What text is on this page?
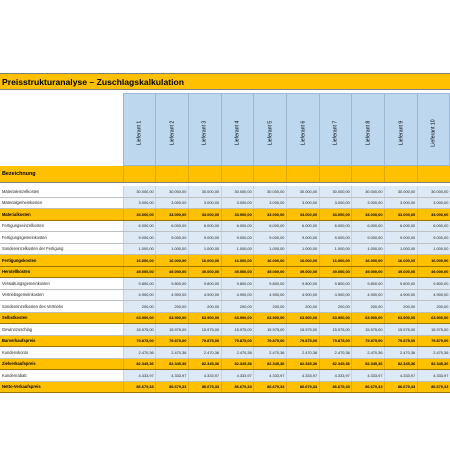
Preisstrukturanalyse – Zuschlagskalkulation
	Lieferant 1	Lieferant 2	Lieferant 3	Lieferant 4	Lieferant 5	Lieferant 6	Lieferant 7	Lieferant 8	Lieferant 9	Lieferant 10
Bezeichnung										

Materialeinzelkosten	30.000,00	30.000,00	30.000,00	30.000,00	30.000,00	30.000,00	30.000,00	30.000,00	30.000,00	30.000,00
Materialgemeinkosten	3.000,00	3.000,00	3.000,00	3.000,00	3.000,00	3.000,00	3.000,00	3.000,00	3.000,00	3.000,00
Materialkosten	33.000,00	33.000,00	33.000,00	33.000,00	33.000,00	33.000,00	33.000,00	33.000,00	33.000,00	33.000,00
Fertigungseinzelkosten	6.000,00	6.000,00	6.000,00	6.000,00	6.000,00	6.000,00	6.000,00	6.000,00	6.000,00	6.000,00
Fertigungsgemeinkosten	9.000,00	9.000,00	9.000,00	9.000,00	9.000,00	9.000,00	9.000,00	9.000,00	9.000,00	9.000,00
Sondereinzelkosten der Fertigung	1.000,00	1.000,00	1.000,00	1.000,00	1.000,00	1.000,00	1.000,00	1.000,00	1.000,00	1.000,00
Fertigungskosten	16.000,00	16.000,00	16.000,00	16.000,00	16.000,00	16.000,00	16.000,00	16.000,00	16.000,00	16.000,00
Herstellkosten	49.000,00	49.000,00	49.000,00	49.000,00	49.000,00	49.000,00	49.000,00	49.000,00	49.000,00	49.000,00
Verwaltungsgemeinkosten	9.800,00	9.800,00	9.800,00	9.800,00	9.800,00	9.800,00	9.800,00	9.800,00	9.800,00	9.800,00
Vertriebsgemeinkosten	4.900,00	4.900,00	4.900,00	4.900,00	4.900,00	4.900,00	4.900,00	4.900,00	4.900,00	4.900,00
Sondereinzelkosten des Vertriebs	200,00	200,00	200,00	200,00	200,00	200,00	200,00	200,00	200,00	200,00
Selbstkosten	63.900,00	63.900,00	63.900,00	63.900,00	63.900,00	63.900,00	63.900,00	63.900,00	63.900,00	63.900,00
Gewinnzuschlag	15.975,00	15.975,00	15.975,00	15.975,00	15.975,00	15.975,00	15.975,00	15.975,00	15.975,00	15.975,00
Barverkaufspreis	79.875,00	79.875,00	79.875,00	79.875,00	79.875,00	79.875,00	79.875,00	79.875,00	79.875,00	79.875,00
Kundenskonto	2.470,36	2.470,36	2.470,36	2.470,36	2.470,36	2.470,36	2.470,36	2.470,36	2.470,36	2.470,36
Zielverkaufspreis	82.345,36	82.345,36	82.345,36	82.345,36	82.345,36	82.345,36	82.345,36	82.345,36	82.345,36	82.345,36
Kundenrabatt	4.333,97	4.333,97	4.333,97	4.333,97	4.333,97	4.333,97	4.333,97	4.333,97	4.333,97	4.333,97
Netto-Verkaufspreis	86.679,33	86.679,33	86.679,33	86.679,33	86.679,33	86.679,33	86.679,33	86.679,33	86.679,33	86.679,33
